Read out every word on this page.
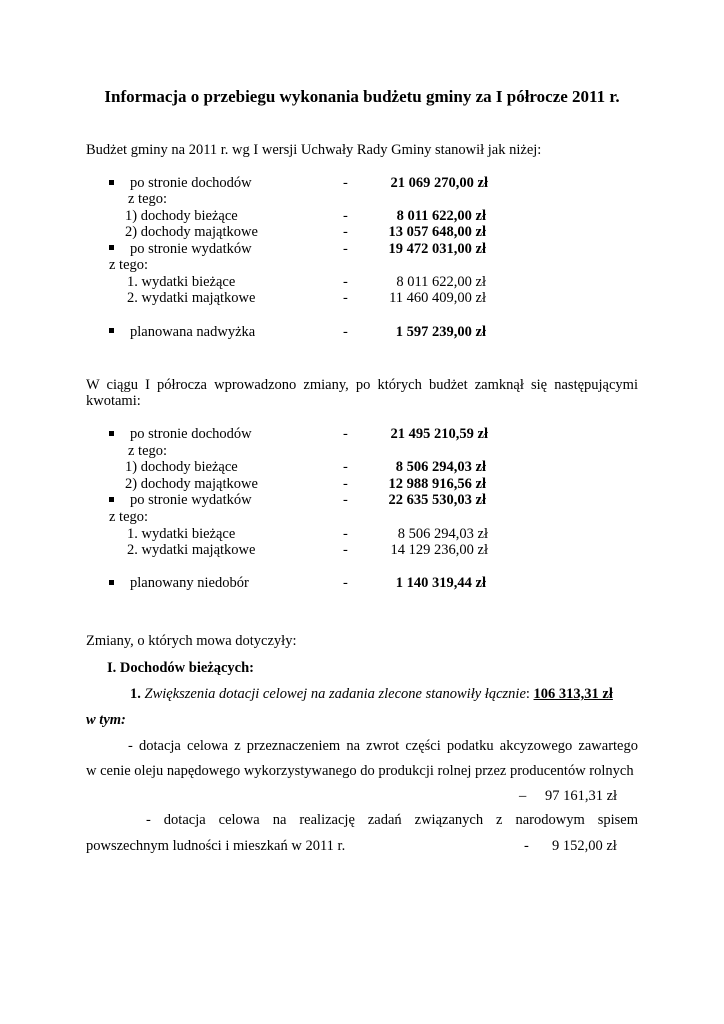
Informacja o przebiegu wykonania budżetu gminy za I półrocze 2011 r.
Budżet gminy na 2011 r. wg I wersji Uchwały Rady Gminy stanowił jak niżej:
po stronie dochodów	-	21 069 270,00 zł
z tego:
1) dochody bieżące	-	8 011 622,00 zł
2) dochody majątkowe	-	13 057 648,00 zł
po stronie wydatków	-	19 472 031,00 zł
z tego:
1. wydatki bieżące	-	8 011 622,00 zł
2. wydatki majątkowe	-	11 460 409,00 zł
planowana nadwyżka	-	1 597 239,00 zł
W ciągu I półrocza wprowadzono zmiany, po których budżet zamknął się następującymi
kwotami:
po stronie dochodów	-	21 495 210,59 zł
z tego:
1) dochody bieżące	-	8 506 294,03 zł
2) dochody majątkowe	-	12 988 916,56 zł
po stronie wydatków	-	22 635 530,03 zł
z tego:
1. wydatki bieżące	-	8 506 294,03 zł
2. wydatki majątkowe	-	14 129 236,00 zł
planowany niedobór	-	1 140 319,44 zł
Zmiany, o których mowa dotyczyły:
I. Dochodów bieżących:
1. Zwiększenia dotacji celowej na zadania zlecone stanowiły łącznie: 106 313,31 zł
w tym:
- dotacja celowa z przeznaczeniem na zwrot części podatku akcyzowego zawartego
w cenie oleju napędowego wykorzystywanego do produkcji rolnej przez producentów rolnych
– 97 161,31 zł
- dotacja celowa na realizację zadań związanych z narodowym spisem
powszechnym ludności i mieszkań w 2011 r.	- 9 152,00 zł
